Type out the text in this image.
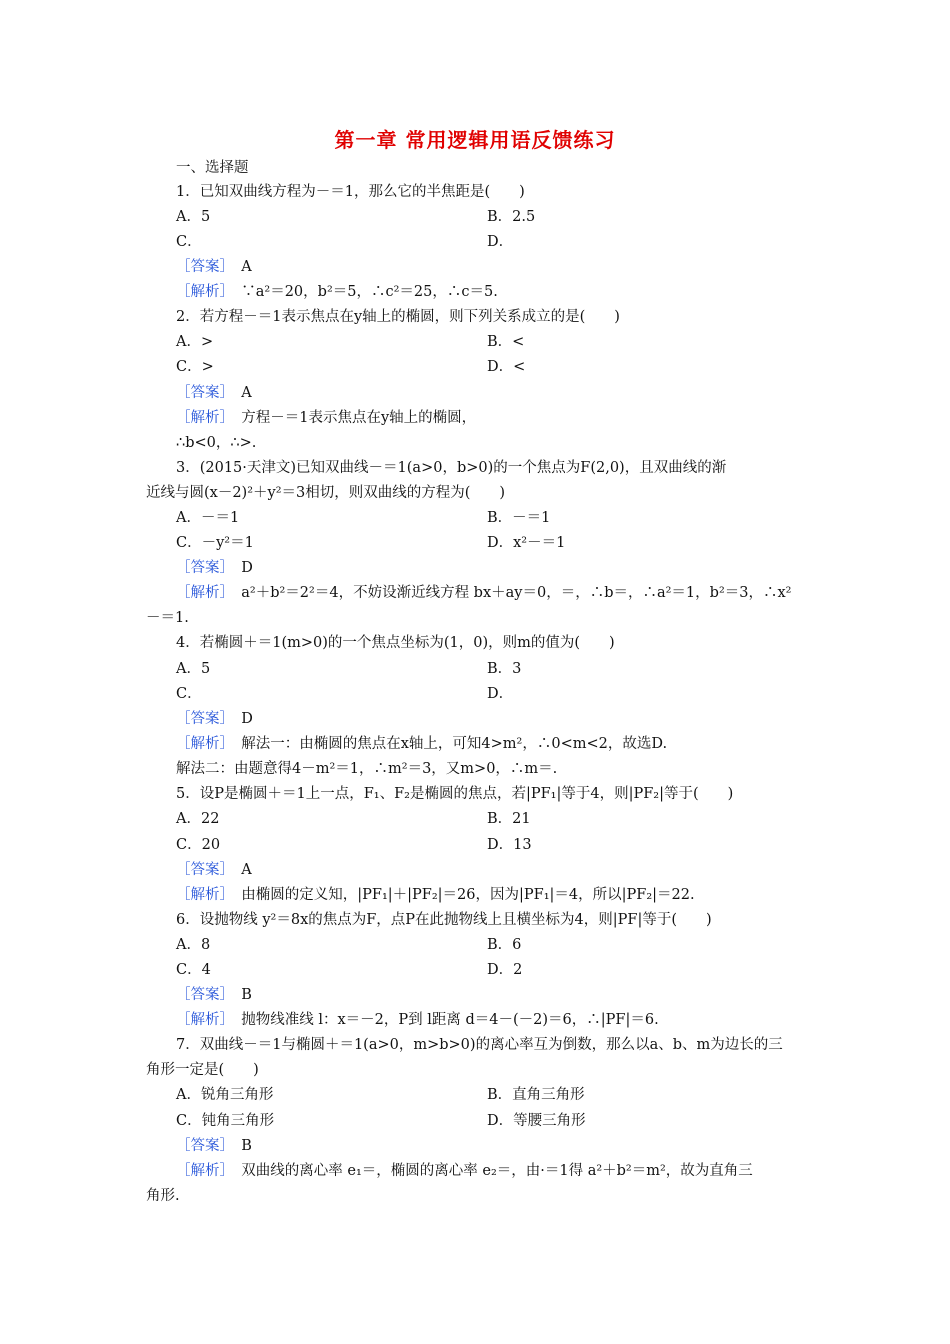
第一章 常用逻辑用语反馈练习
一、选择题
1．已知双曲线方程为－＝1，那么它的半焦距是(　　)
A．5	B．2.5
C．	D．
［答案］　 A
［解析］　 ∵a²＝20，b²＝5，∴c²＝25，∴c＝5.
2．若方程－＝1表示焦点在y轴上的椭圆，则下列关系成立的是(　　)
A．>	B．<
C．>	D．<
［答案］　 A
［解析］　 方程－＝1表示焦点在y轴上的椭圆，
∴b<0，∴>.
3．(2015·天津文)已知双曲线－＝1(a>0，b>0)的一个焦点为F(2,0)，且双曲线的渐
近线与圆(x－2)²＋y²＝3相切，则双曲线的方程为(　　)
A．－＝1	B．－＝1
C．－y²＝1	D．x²－＝1
［答案］　 D
［解析］　 a²＋b²＝2²＝4，不妨设渐近线方程 bx＋ay＝0，＝，∴b＝，∴a²＝1，b²＝3，∴x²
－＝1.
4．若椭圆＋＝1(m>0)的一个焦点坐标为(1，0)，则m的值为(　　)
A．5	B．3
C．	D．
［答案］　 D
［解析］　 解法一：由椭圆的焦点在x轴上，可知4>m²，∴0<m<2，故选D.
解法二：由题意得4－m²＝1，∴m²＝3，又m>0，∴m＝.
5．设P是椭圆＋＝1上一点，F₁、F₂是椭圆的焦点，若|PF₁|等于4，则|PF₂|等于(　　)
A．22	B．21
C．20	D．13
［答案］　 A
［解析］　 由椭圆的定义知，|PF₁|＋|PF₂|＝26，因为|PF₁|＝4，所以|PF₂|＝22.
6．设抛物线 y²＝8x的焦点为F，点P在此抛物线上且横坐标为4，则|PF|等于(　　)
A．8	B．6
C．4	D．2
［答案］　 B
［解析］　 抛物线准线 l：x＝－2，P到 l距离 d＝4－(－2)＝6，∴|PF|＝6.
7．双曲线－＝1与椭圆＋＝1(a>0，m>b>0)的离心率互为倒数，那么以a、b、m为边长的三
角形一定是(　　)
A．锐角三角形	B．直角三角形
C．钝角三角形	D．等腰三角形
［答案］　 B
［解析］　 双曲线的离心率 e₁＝，椭圆的离心率 e₂＝，由·＝1得 a²＋b²＝m²，故为直角三
角形.
